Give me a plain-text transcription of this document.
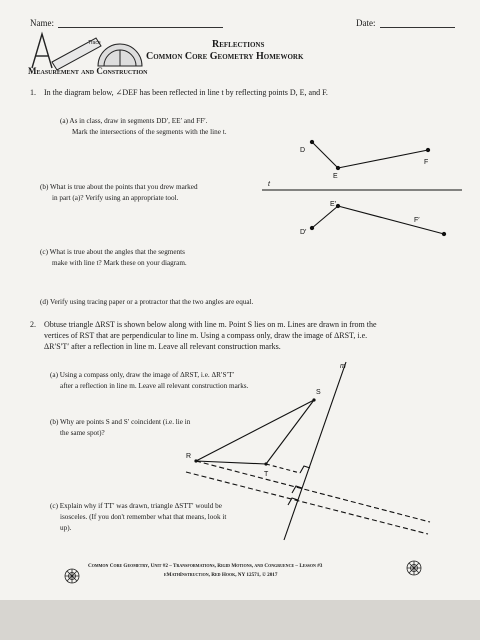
Name:	Date:
Trace	Reflections
Common Core Geometry Homework
Measurement and Construction
1. In the diagram below, ∠DEF has been reflected in line t by reflecting points D, E, and F.
(a) As in class, draw in segments DD′, EE′ and FF′.
Mark the intersections of the segments with the line t.
(b) What is true about the points that you drew marked
in part (a)? Verify using an appropriate tool.
(c) What is true about the angles that the segments
make with line t? Mark these on your diagram.
(d) Verify using tracing paper or a protractor that the two angles are equal.
D
E
F
t
D′
E′
F′
2. Obtuse triangle ΔRST is shown below along with line m. Point S lies on m. Lines are drawn in from the
vertices of RST that are perpendicular to line m. Using a compass only, draw the image of ΔRST, i.e.
ΔR′S′T′ after a reflection in line m. Leave all relevant construction marks.
(a) Using a compass only, draw the image of ΔRST, i.e. ΔR′S′T′
after a reflection in line m. Leave all relevant construction marks.
(b) Why are points S and S′ coincident (i.e. lie in
the same spot)?
(c) Explain why if TT′ was drawn, triangle ΔSTT′ would be
isosceles. (If you don't remember what that means, look it
up).
m
S
R
T
Common Core Geometry, Unit #2 – Transformations, Rigid Motions, and Congruence – Lesson #3
eMathInstruction, Red Hook, NY 12571, © 2017
